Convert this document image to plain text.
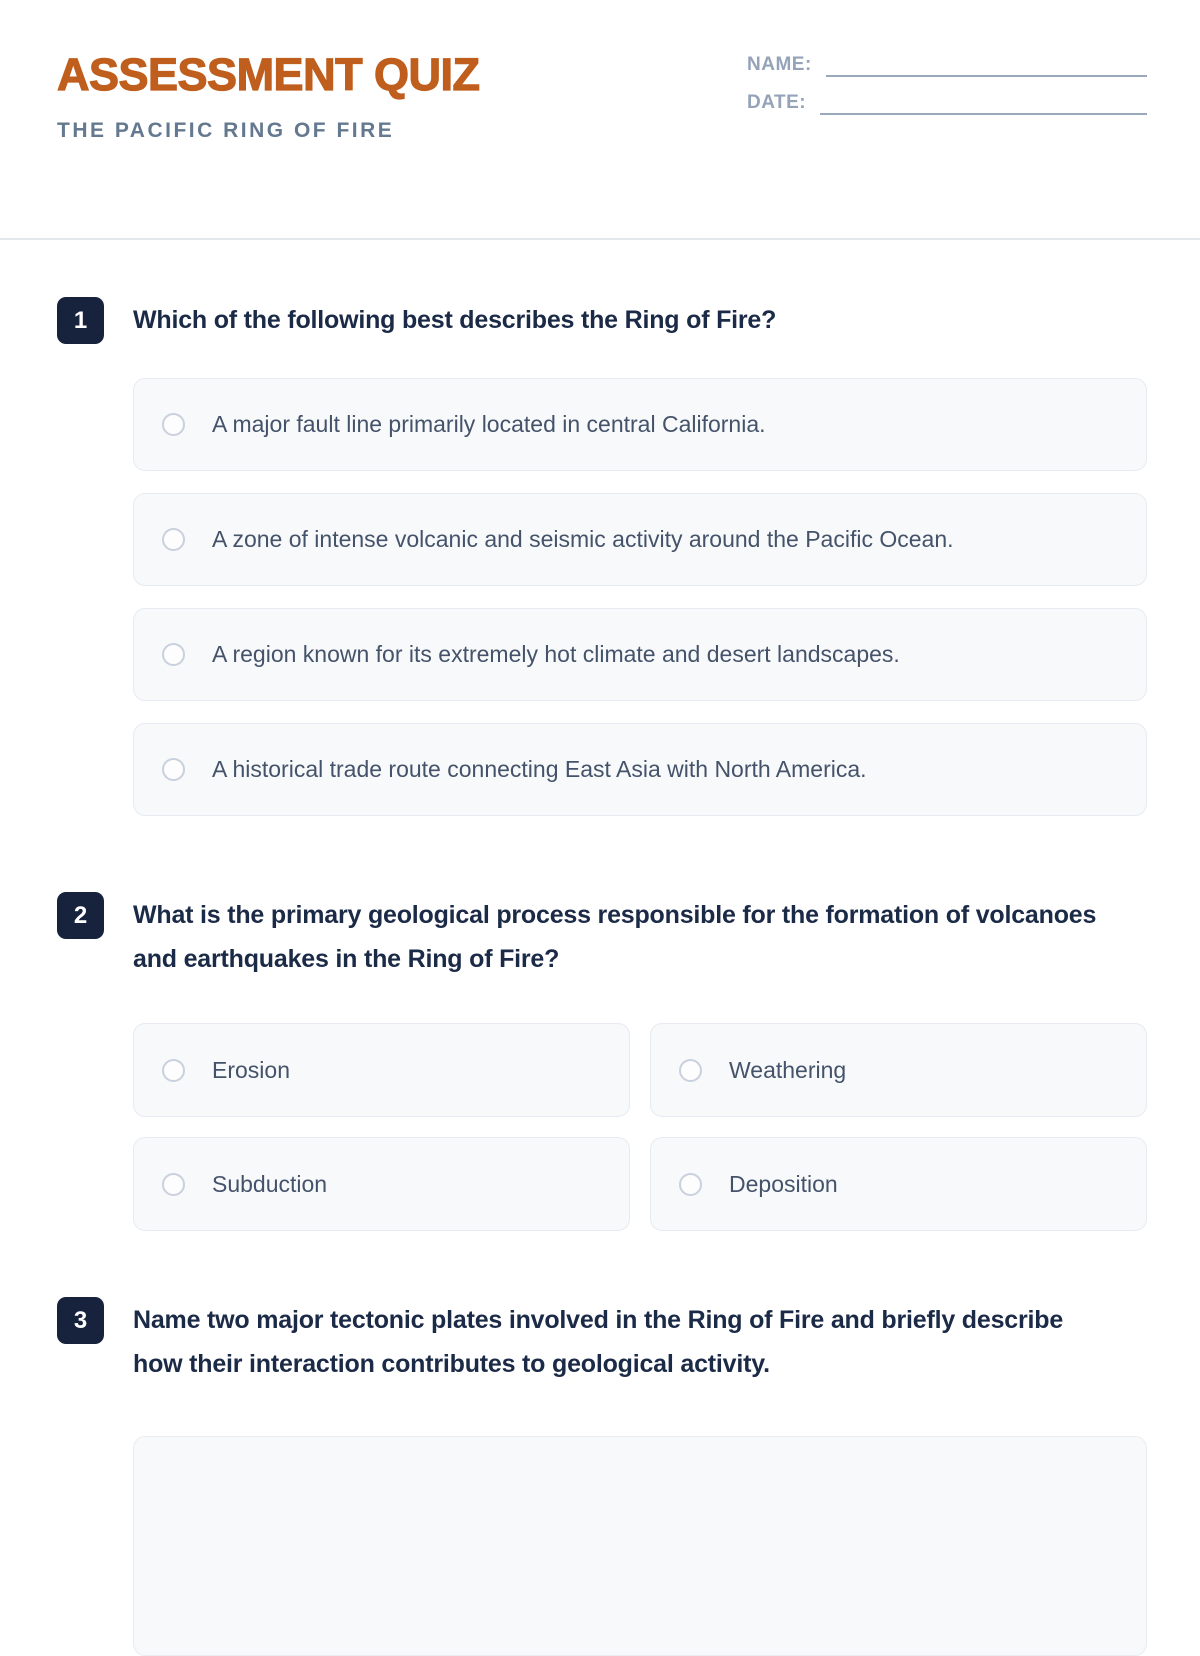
ASSESSMENT QUIZ
THE PACIFIC RING OF FIRE
NAME:
DATE:
1	Which of the following best describes the Ring of Fire?
A major fault line primarily located in central California.
A zone of intense volcanic and seismic activity around the Pacific Ocean.
A region known for its extremely hot climate and desert landscapes.
A historical trade route connecting East Asia with North America.
2	What is the primary geological process responsible for the formation of volcanoes and earthquakes in the Ring of Fire?
Erosion	Weathering
Subduction	Deposition
3	Name two major tectonic plates involved in the Ring of Fire and briefly describe how their interaction contributes to geological activity.
